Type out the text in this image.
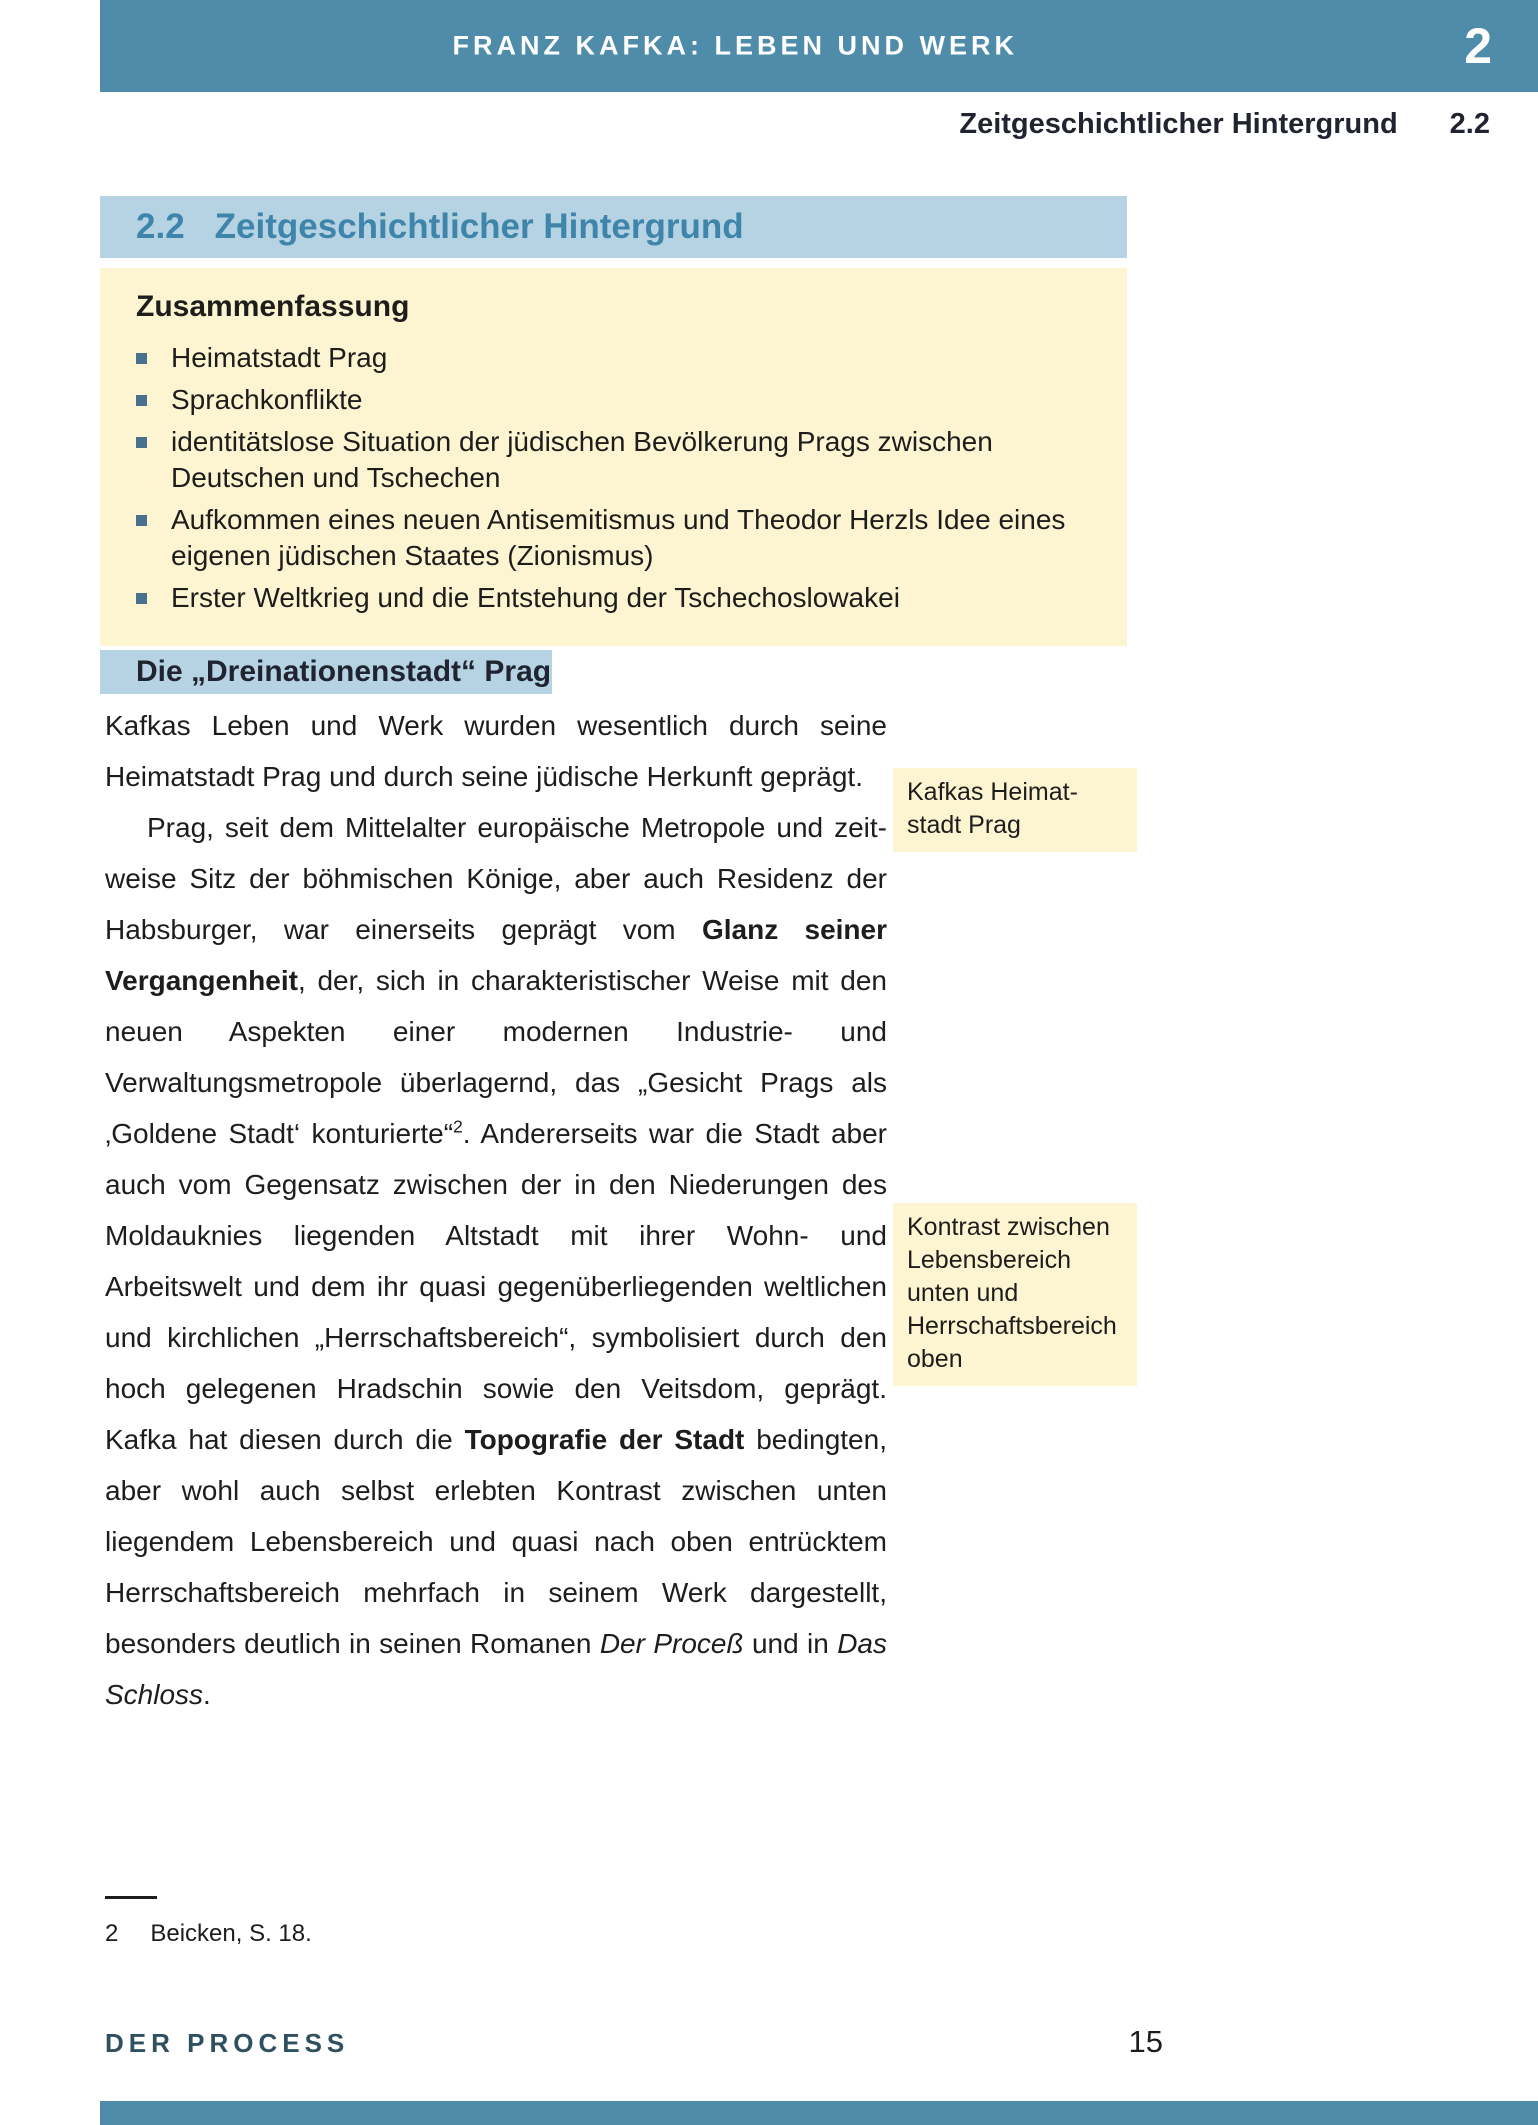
FRANZ KAFKA: LEBEN UND WERK	2
Zeitgeschichtlicher Hintergrund 2.2
2.2 Zeitgeschichtlicher Hintergrund
Zusammenfassung
Heimatstadt Prag
Sprachkonflikte
identitätslose Situation der jüdischen Bevölkerung Prags zwischen Deutschen und Tschechen
Aufkommen eines neuen Antisemitismus und Theodor Herzls Idee eines eigenen jüdischen Staates (Zionismus)
Erster Weltkrieg und die Entstehung der Tschechoslowakei
Die „Dreinationenstadt“ Prag

Kafkas Leben und Werk wurden wesentlich durch seine Heimatstadt Prag und durch seine jüdische Herkunft geprägt.

Prag, seit dem Mittelalter europäische Metropole und zeitweise Sitz der böhmischen Könige, aber auch Residenz der Habsburger, war einerseits geprägt vom Glanz seiner Vergangenheit, der, sich in charakteristischer Weise mit den neuen Aspekten einer modernen Industrie- und Verwaltungsmetropole überlagernd, das „Gesicht Prags als ‚Goldene Stadt‘ konturierte“$^2$. Andererseits war die Stadt aber auch vom Gegensatz zwischen der in den Niederungen des Moldauknies liegenden Altstadt mit ihrer Wohn- und Arbeitswelt und dem ihr quasi gegenüberliegenden weltlichen und kirchlichen „Herrschaftsbereich“, symbolisiert durch den hoch gelegenen Hradschin sowie den Veitsdom, geprägt. Kafka hat diesen durch die Topografie der Stadt bedingten, aber wohl auch selbst erlebten Kontrast zwischen unten liegendem Lebensbereich und quasi nach oben entrücktem Herrschaftsbereich mehrfach in seinem Werk dargestellt, besonders deutlich in seinen Romanen Der Proceß und in Das Schloss.

Kafkas Heimatstadt Prag
Kontrast zwischen Lebensbereich unten und Herrschaftsbereich oben
2 Beicken, S. 18.
DER PROCESS	15
